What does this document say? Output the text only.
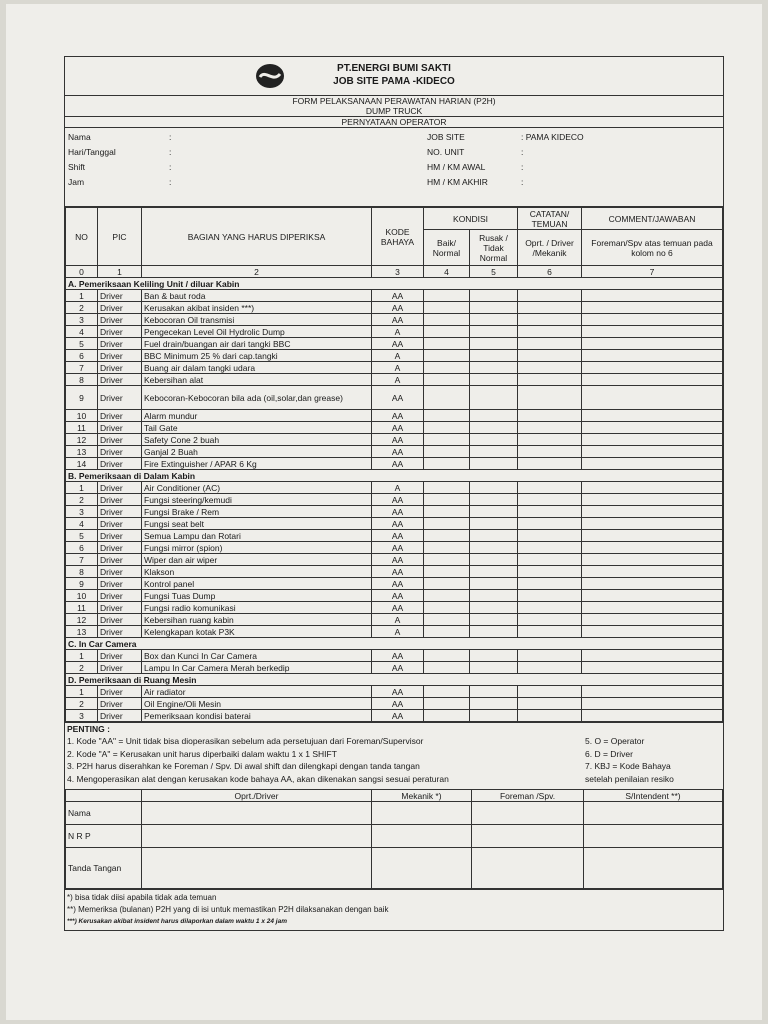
PT.ENERGI BUMI SAKTI
JOB SITE PAMA -KIDECO
FORM PELAKSANAAN PERAWATAN HARIAN (P2H)
DUMP TRUCK
PERNYATAAN OPERATOR
Nama	:
Hari/Tanggal	:
Shift	:
Jam	:
JOB SITE	: PAMA KIDECO
NO. UNIT	:
HM / KM AWAL	:
HM / KM AKHIR	:
NO	PIC	BAGIAN YANG HARUS DIPERIKSA	KODE BAHAYA	KONDISI		CATATAN/ TEMUAN	COMMENT/JAWABAN
				Baik/ Normal	Rusak / Tidak Normal	Oprt. / Driver /Mekanik	Foreman/Spv atas temuan pada kolom no 6
0	1	2	3	4	5	6	7
A. Pemeriksaan Keliling Unit / diluar Kabin							
1	Driver	Ban & baut roda	AA				
2	Driver	Kerusakan akibat insiden ***)	AA				
3	Driver	Kebocoran Oil transmisi	AA				
4	Driver	Pengecekan Level Oil Hydrolic Dump	A				
5	Driver	Fuel drain/buangan air dari tangki BBC	AA				
6	Driver	BBC Minimum 25 % dari cap.tangki	A				
7	Driver	Buang air dalam tangki udara	A				
8	Driver	Kebersihan alat	A				
9	Driver	Kebocoran-Kebocoran bila ada (oil,solar,dan grease)	AA				
10	Driver	Alarm mundur	AA				
11	Driver	Tail Gate	AA				
12	Driver	Safety Cone 2 buah	AA				
13	Driver	Ganjal 2 Buah	AA				
14	Driver	Fire Extinguisher / APAR 6 Kg	AA				
B. Pemeriksaan di Dalam Kabin							
1	Driver	Air Conditioner (AC)	A				
2	Driver	Fungsi steering/kemudi	AA				
3	Driver	Fungsi Brake / Rem	AA				
4	Driver	Fungsi seat belt	AA				
5	Driver	Semua Lampu dan Rotari	AA				
6	Driver	Fungsi mirror (spion)	AA				
7	Driver	Wiper dan air wiper	AA				
8	Driver	Klakson	AA				
9	Driver	Kontrol panel	AA				
10	Driver	Fungsi Tuas Dump	AA				
11	Driver	Fungsi radio komunikasi	AA				
12	Driver	Kebersihan ruang kabin	A				
13	Driver	Kelengkapan kotak P3K	A				
C. In Car Camera							
1	Driver	Box dan Kunci In Car Camera	AA				
2	Driver	Lampu In Car Camera Merah berkedip	AA				
D. Pemeriksaan di Ruang Mesin							
1	Driver	Air radiator	AA				
2	Driver	Oil Engine/Oli Mesin	AA				
3	Driver	Pemeriksaan kondisi baterai	AA				
PENTING :
1. Kode "AA" = Unit tidak bisa dioperasikan sebelum ada persetujuan dari Foreman/Supervisor
2. Kode "A" = Kerusakan unit harus diperbaiki dalam waktu 1 x 1 SHIFT
3. P2H harus diserahkan ke Foreman / Spv. Di awal shift dan dilengkapi dengan tanda tangan
4. Mengoperasikan alat dengan kerusakan kode bahaya AA, akan dikenakan sangsi sesuai peraturan
5. O = Operator
6. D = Driver
7. KBJ = Kode Bahaya
setelah penilaian resiko
	Oprt./Driver	Mekanik *)	Foreman /Spv.	S/Intendent **)
Nama				
N R P				
Tanda Tangan				
*) bisa tidak diisi apabila tidak ada temuan
**) Memeriksa (bulanan) P2H yang di isi untuk memastikan P2H dilaksanakan dengan baik
***) Kerusakan akibat insident harus dilaporkan dalam waktu 1 x 24 jam
